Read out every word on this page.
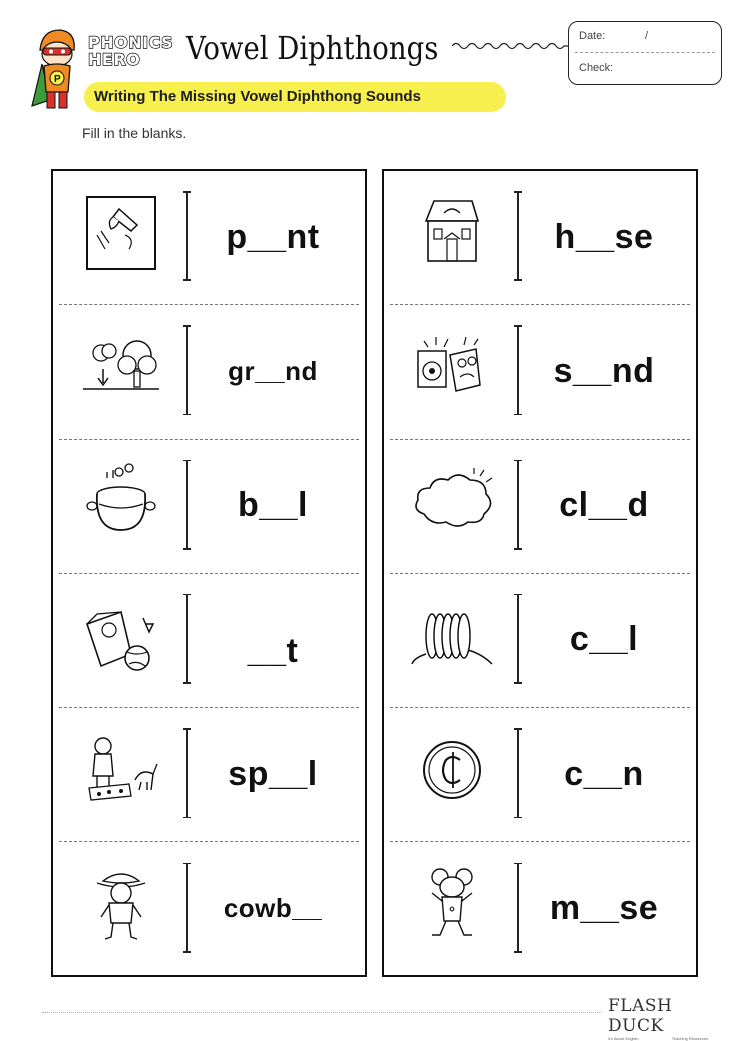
P
PHONICS
HERO	Vowel Diphthongs	Date:	/
Check:
Writing The Missing Vowel Diphthong Sounds
Fill in the blanks.
p__nt
gr__nd
b__l
__t
sp__l
cowb__
h__se
s__nd
cl__d
c__l
c__n
m__se
FLASH DUCK
It's About English	Teaching Resources
